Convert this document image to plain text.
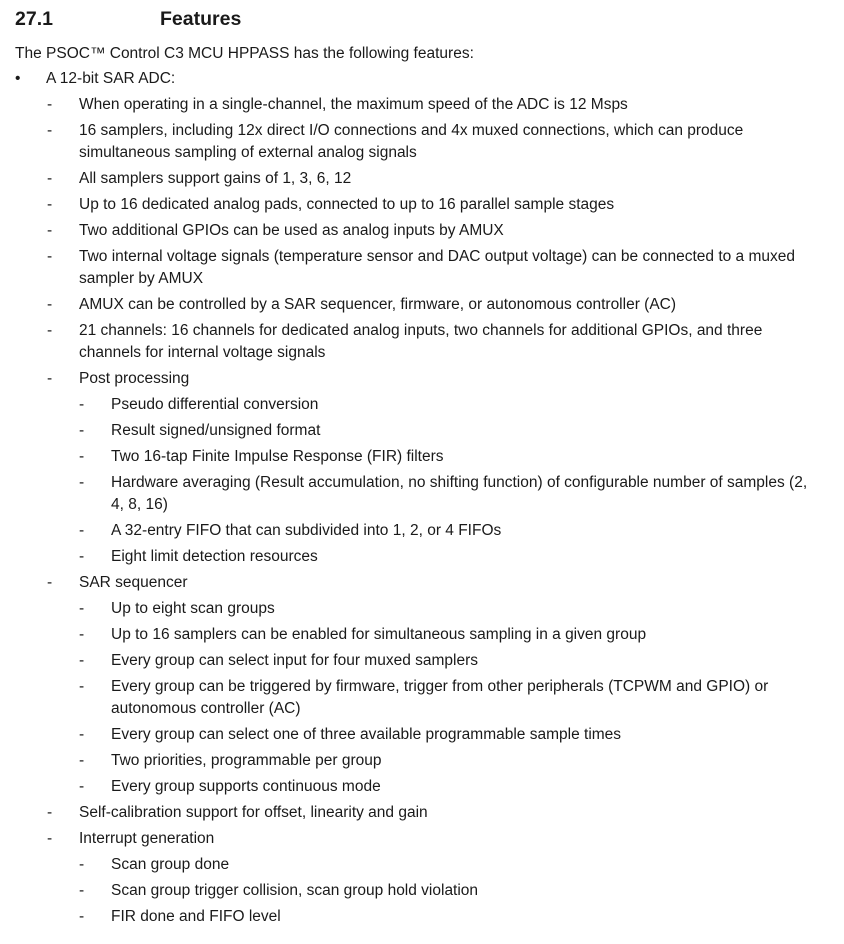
27.1	Features

The PSOC™ Control C3 MCU HPPASS has the following features:

• A 12-bit SAR ADC:
- When operating in a single-channel, the maximum speed of the ADC is 12 Msps
- 16 samplers, including 12x direct I/O connections and 4x muxed connections, which can produce simultaneous sampling of external analog signals
- All samplers support gains of 1, 3, 6, 12
- Up to 16 dedicated analog pads, connected to up to 16 parallel sample stages
- Two additional GPIOs can be used as analog inputs by AMUX
- Two internal voltage signals (temperature sensor and DAC output voltage) can be connected to a muxed sampler by AMUX
- AMUX can be controlled by a SAR sequencer, firmware, or autonomous controller (AC)
- 21 channels: 16 channels for dedicated analog inputs, two channels for additional GPIOs, and three channels for internal voltage signals
- Post processing
- Pseudo differential conversion
- Result signed/unsigned format
- Two 16-tap Finite Impulse Response (FIR) filters
- Hardware averaging (Result accumulation, no shifting function) of configurable number of samples (2, 4, 8, 16)
- A 32-entry FIFO that can subdivided into 1, 2, or 4 FIFOs
- Eight limit detection resources
- SAR sequencer
- Up to eight scan groups
- Up to 16 samplers can be enabled for simultaneous sampling in a given group
- Every group can select input for four muxed samplers
- Every group can be triggered by firmware, trigger from other peripherals (TCPWM and GPIO) or autonomous controller (AC)
- Every group can select one of three available programmable sample times
- Two priorities, programmable per group
- Every group supports continuous mode
- Self-calibration support for offset, linearity and gain
- Interrupt generation
- Scan group done
- Scan group trigger collision, scan group hold violation
- FIR done and FIFO level
